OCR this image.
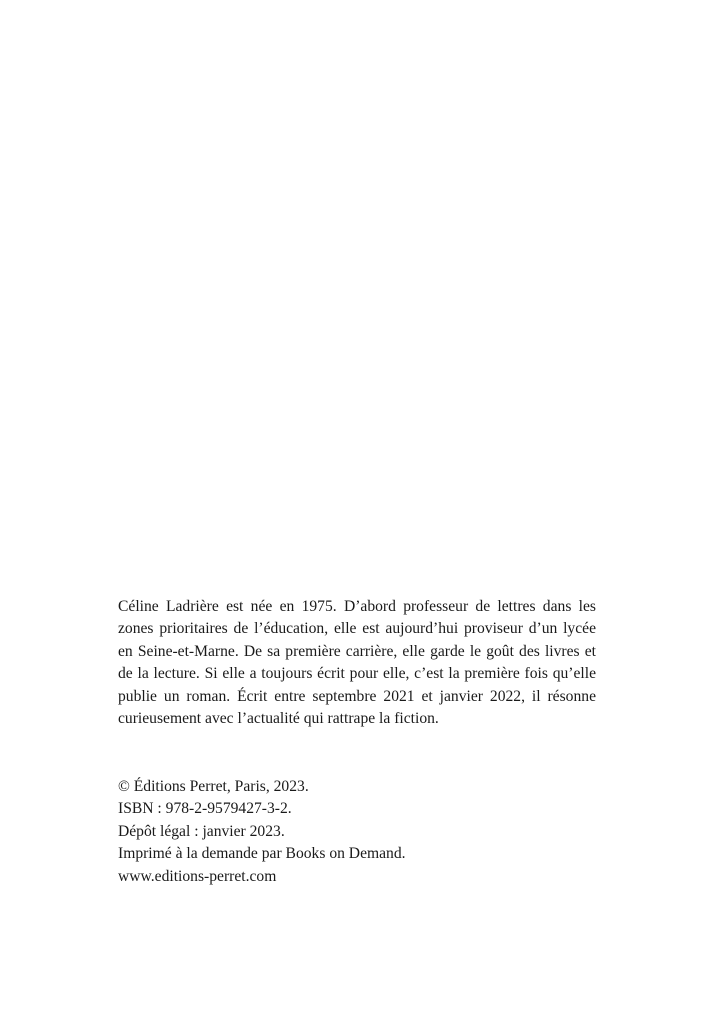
Céline Ladrière est née en 1975. D’abord professeur de lettres dans les zones prioritaires de l’éducation, elle est aujourd’hui proviseur d’un lycée en Seine-et-Marne. De sa première carrière, elle garde le goût des livres et de la lecture. Si elle a toujours écrit pour elle, c’est la première fois qu’elle publie un roman. Écrit entre septembre 2021 et janvier 2022, il résonne curieusement avec l’actualité qui rattrape la fiction.

© Éditions Perret, Paris, 2023.
ISBN : 978-2-9579427-3-2.
Dépôt légal : janvier 2023.
Imprimé à la demande par Books on Demand.
www.editions-perret.com
